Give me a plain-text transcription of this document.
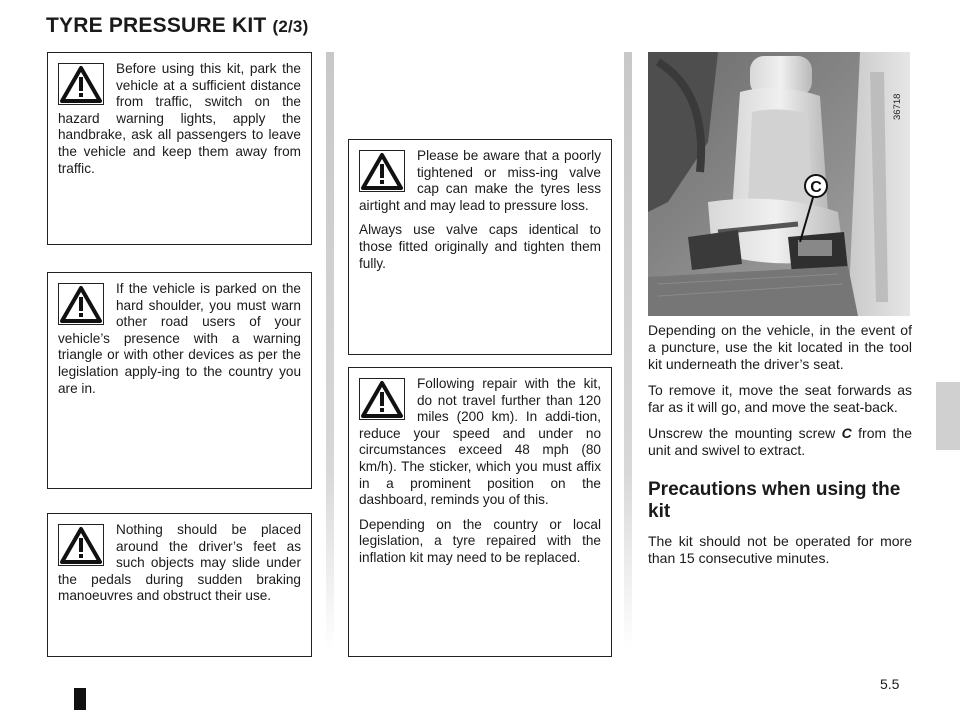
TYRE PRESSURE KIT (2/3)

Before using this kit, park the vehicle at a sufficient distance from traffic, switch on the hazard warning lights, apply the handbrake, ask all passengers to leave the vehicle and keep them away from traffic.

If the vehicle is parked on the hard shoulder, you must warn other road users of your vehicle’s presence with a warning triangle or with other devices as per the legislation apply-ing to the country you are in.

Nothing should be placed around the driver’s feet as such objects may slide under the pedals during sudden braking manoeuvres and obstruct their use.

Please be aware that a poorly tightened or miss-ing valve cap can make the tyres less airtight and may lead to pressure loss.

Always use valve caps identical to those fitted originally and tighten them fully.

Following repair with the kit, do not travel further than 120 miles (200 km). In addi-tion, reduce your speed and under no circumstances exceed 48 mph (80 km/h). The sticker, which you must affix in a prominent position on the dashboard, reminds you of this.

Depending on the country or local legislation, a tyre repaired with the inflation kit may need to be replaced.

C
36718

Depending on the vehicle, in the event of a puncture, use the kit located in the tool kit underneath the driver’s seat.

To remove it, move the seat forwards as far as it will go, and move the seat-back.

Unscrew the mounting screw C from the unit and swivel to extract.

Precautions when using the kit

The kit should not be operated for more than 15 consecutive minutes.

5.5
